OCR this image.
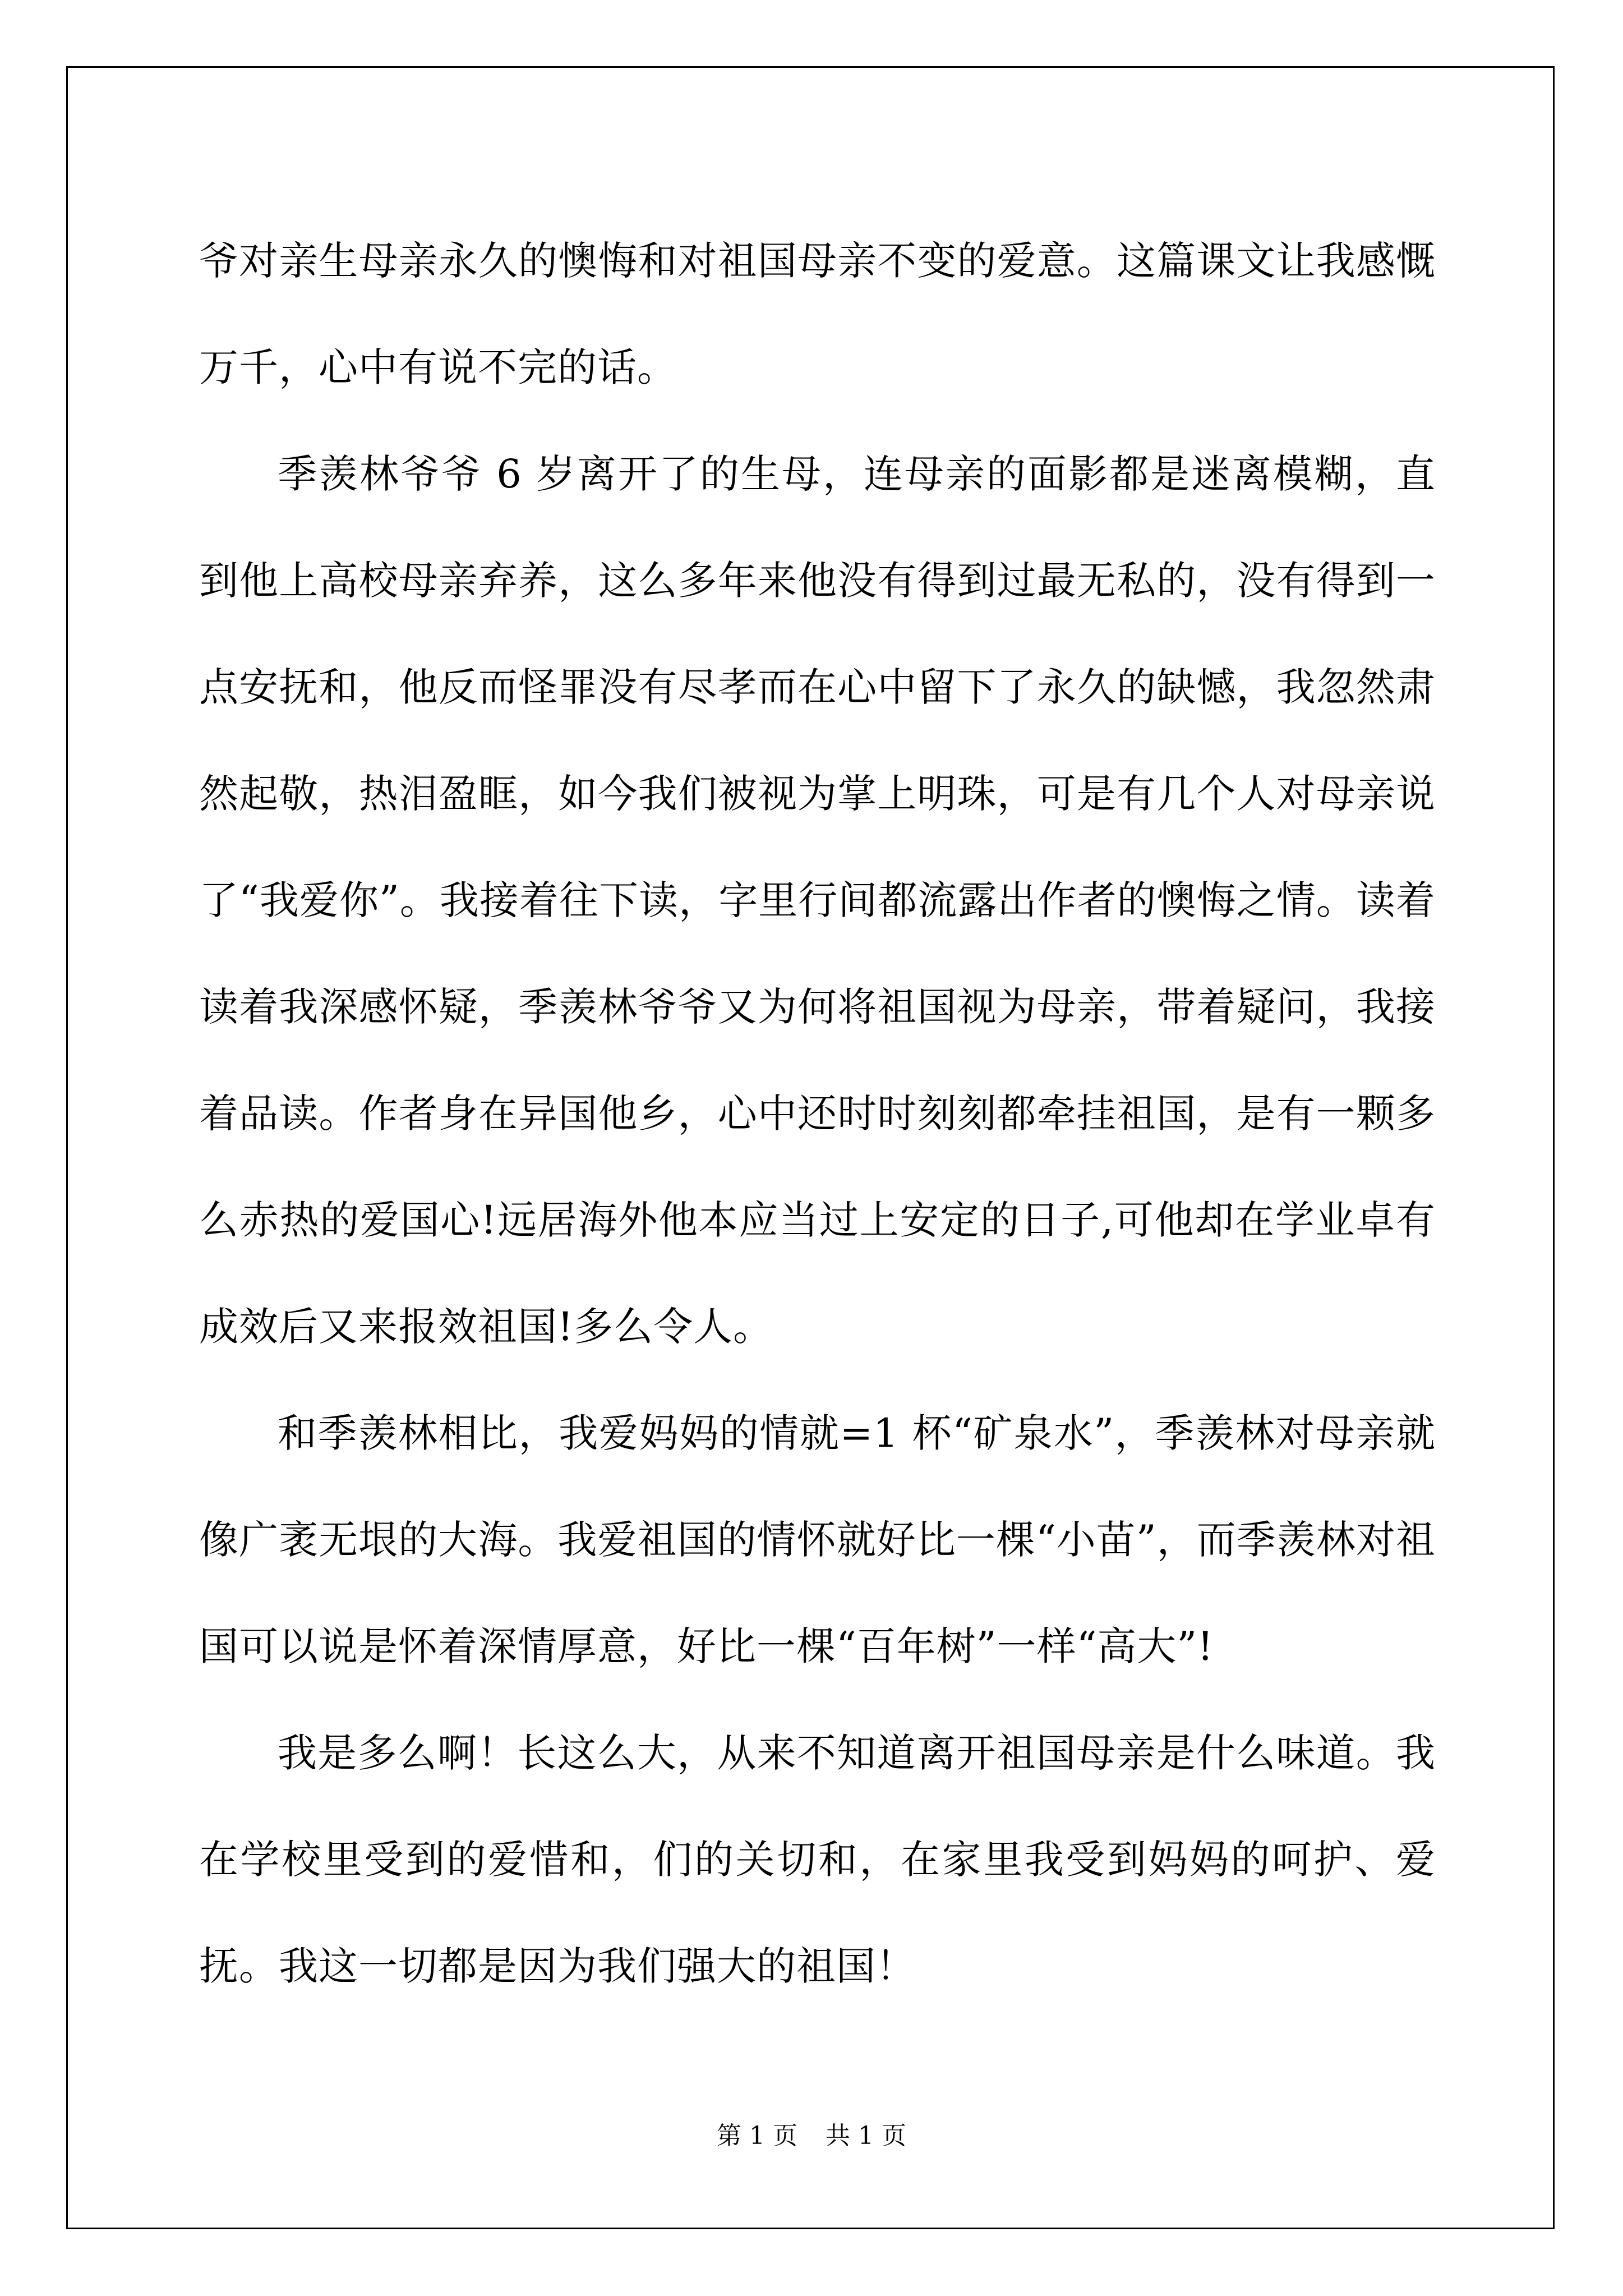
爷对亲生母亲永久的懊悔和对祖国母亲不变的爱意。这篇课文让我感慨万千，心中有说不完的话。

季羡林爷爷 6 岁离开了的生母，连母亲的面影都是迷离模糊，直到他上高校母亲弃养，这么多年来他没有得到过最无私的，没有得到一点安抚和，他反而怪罪没有尽孝而在心中留下了永久的缺憾，我忽然肃然起敬，热泪盈眶，如今我们被视为掌上明珠，可是有几个人对母亲说了“我爱你”。我接着往下读，字里行间都流露出作者的懊悔之情。读着读着我深感怀疑，季羡林爷爷又为何将祖国视为母亲，带着疑问，我接着品读。作者身在异国他乡，心中还时时刻刻都牵挂祖国，是有一颗多么赤热的爱国心!远居海外他本应当过上安定的日子,可他却在学业卓有成效后又来报效祖国!多么令人。

和季羡林相比，我爱妈妈的情就=1 杯“矿泉水”，季羡林对母亲就像广袤无垠的大海。我爱祖国的情怀就好比一棵“小苗”，而季羡林对祖国可以说是怀着深情厚意，好比一棵“百年树”一样“高大”!

我是多么啊！长这么大，从来不知道离开祖国母亲是什么味道。我在学校里受到的爱惜和，们的关切和，在家里我受到妈妈的呵护、爱抚。我这一切都是因为我们强大的祖国！

第 1 页 共 1 页
